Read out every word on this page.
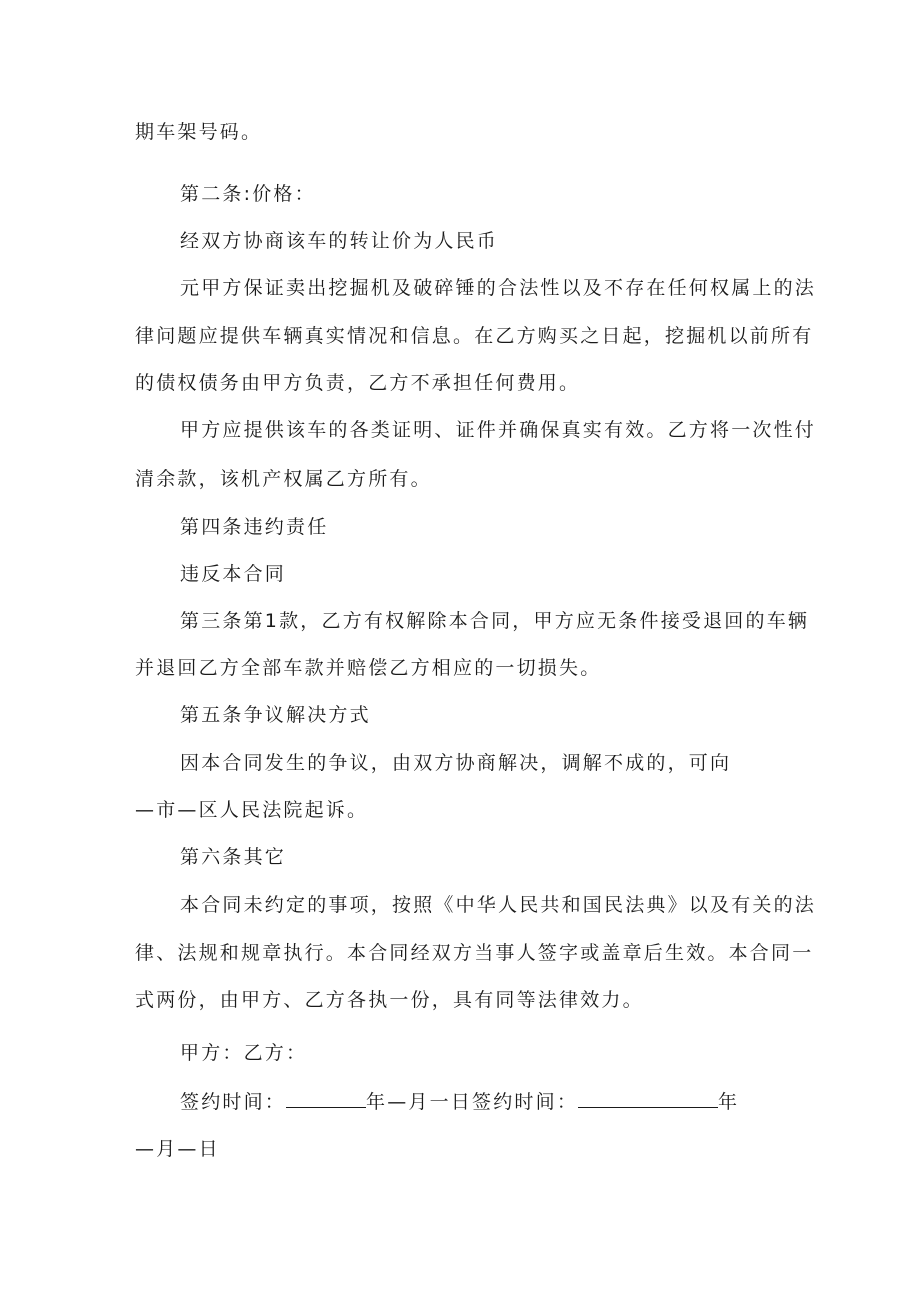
期车架号码。

第二条:价格：

经双方协商该车的转让价为人民币

元甲方保证卖出挖掘机及破碎锤的合法性以及不存在任何权属上的法

律问题应提供车辆真实情况和信息。在乙方购买之日起，挖掘机以前所有

的债权债务由甲方负责，乙方不承担任何费用。

甲方应提供该车的各类证明、证件并确保真实有效。乙方将一次性付

清余款，该机产权属乙方所有。

第四条违约责任

违反本合同

第三条第1款，乙方有权解除本合同，甲方应无条件接受退回的车辆

并退回乙方全部车款并赔偿乙方相应的一切损失。

第五条争议解决方式

因本合同发生的争议，由双方协商解决，调解不成的，可向

—市—区人民法院起诉。

第六条其它

本合同未约定的事项，按照《中华人民共和国民法典》以及有关的法

律、法规和规章执行。本合同经双方当事人签字或盖章后生效。本合同一

式两份，由甲方、乙方各执一份，具有同等法律效力。

甲方：乙方：

签约时间：	年—月一日签约时间：	年

—月—日
